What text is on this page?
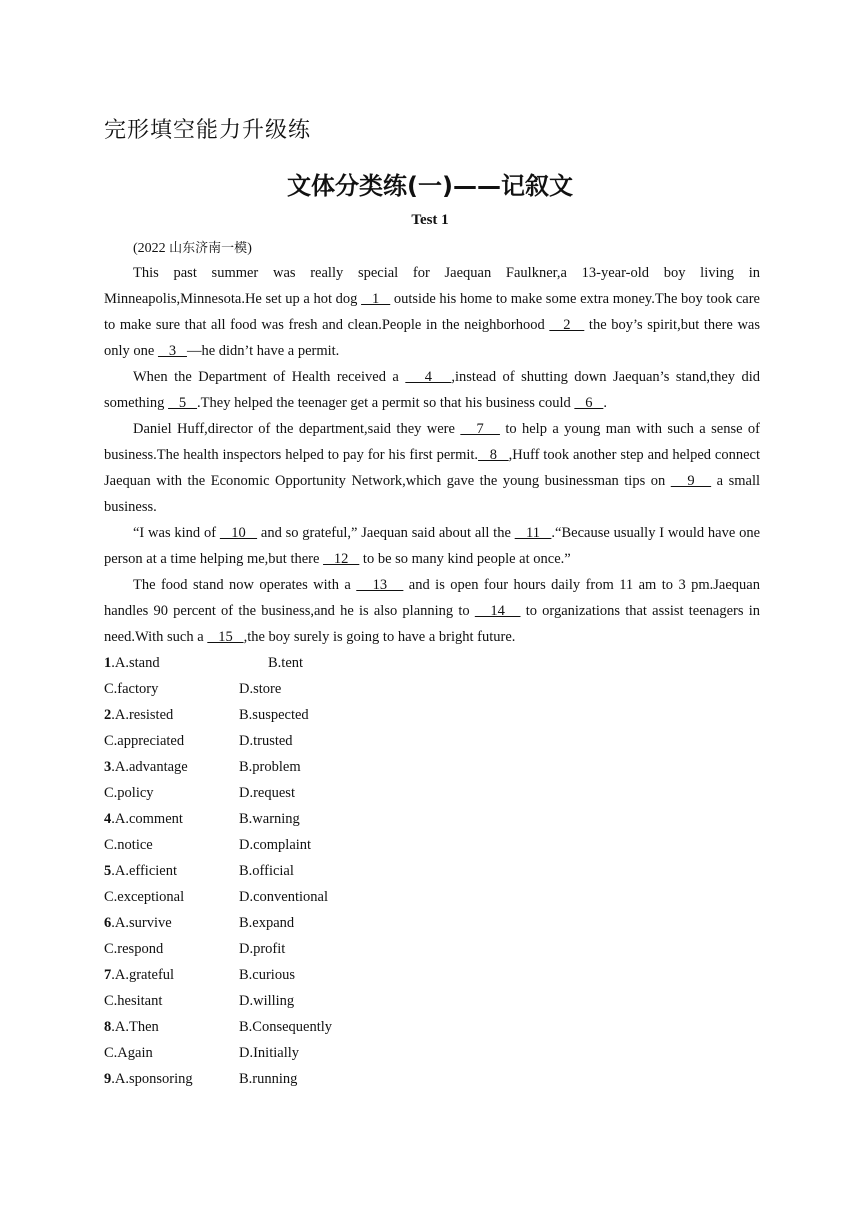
完形填空能力升级练
文体分类练(一)——记叙文
Test 1
(2022 山东济南一模)

This past summer was really special for Jaequan Faulkner,a 13-year-old boy living in Minneapolis,Minnesota.He set up a hot dog    1    outside his home to make some extra money.The boy took care to make sure that all food was fresh and clean.People in the neighborhood    2    the boy’s spirit,but there was only one    3   —he didn’t have a permit.

When the Department of Health received a    4   ,instead of shutting down Jaequan’s stand,they did something    5   .They helped the teenager get a permit so that his business could    6   .

Daniel Huff,director of the department,said they were    7    to help a young man with such a sense of business.The health inspectors helped to pay for his first permit.   8   ,Huff took another step and helped connect Jaequan with the Economic Opportunity Network,which gave the young businessman tips on    9    a small business.

“I was kind of    10    and so grateful,” Jaequan said about all the    11   .“Because usually I would have one person at a time helping me,but there    12    to be so many kind people at once.”

The food stand now operates with a    13    and is open four hours daily from 11 am to 3 pm.Jaequan handles 90 percent of the business,and he is also planning to    14    to organizations that assist teenagers in need.With such a    15   ,the boy surely is going to have a bright future.

1.A.stand	B.tent
C.factory	D.store
2.A.resisted	B.suspected
C.appreciated	D.trusted
3.A.advantage	B.problem
C.policy	D.request
4.A.comment	B.warning
C.notice	D.complaint
5.A.efficient	B.official
C.exceptional	D.conventional
6.A.survive	B.expand
C.respond	D.profit
7.A.grateful	B.curious
C.hesitant	D.willing
8.A.Then	B.Consequently
C.Again	D.Initially
9.A.sponsoring	B.running
